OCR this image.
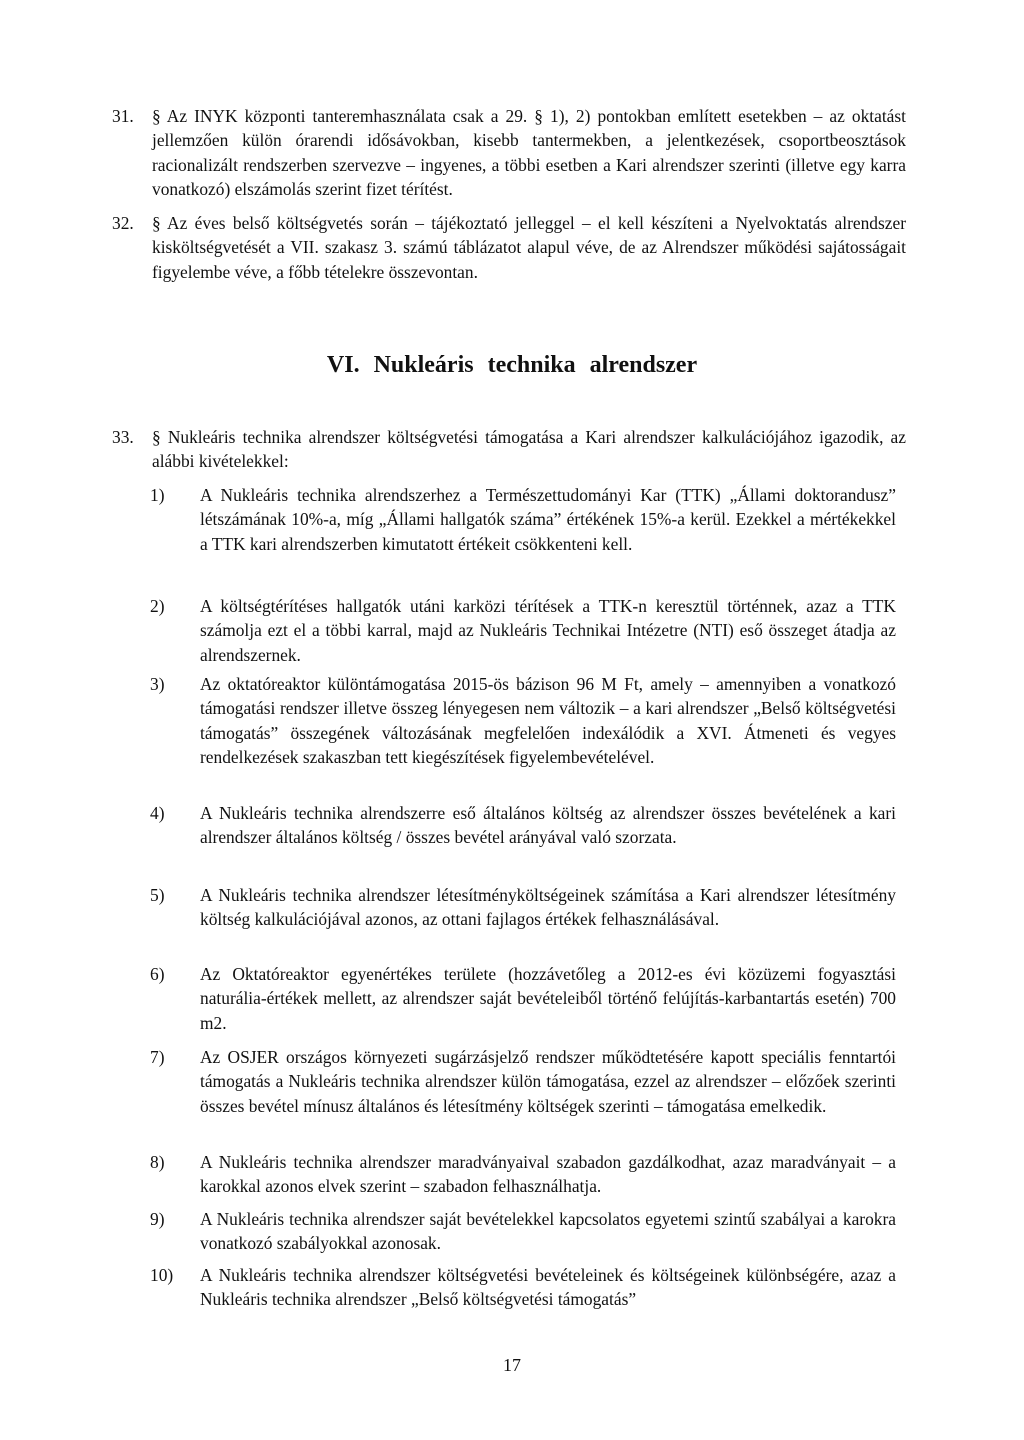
31. § Az INYK központi tanteremhasználata csak a 29. § 1), 2) pontokban említett esetekben – az oktatást jellemzően külön órarendi idősávokban, kisebb tantermekben, a jelentkezések, csoportbeosztások racionalizált rendszerben szervezve – ingyenes, a többi esetben a Kari alrendszer szerinti (illetve egy karra vonatkozó) elszámolás szerint fizet térítést.
32. § Az éves belső költségvetés során – tájékoztató jelleggel – el kell készíteni a Nyelvoktatás alrendszer kisköltségvetését a VII. szakasz 3. számú táblázatot alapul véve, de az Alrendszer működési sajátosságait figyelembe véve, a főbb tételekre összevontan.
VI. Nukleáris technika alrendszer
33. § Nukleáris technika alrendszer költségvetési támogatása a Kari alrendszer kalkulációjához igazodik, az alábbi kivételekkel:
1) A Nukleáris technika alrendszerhez a Természettudományi Kar (TTK) „Állami doktorandusz” létszámának 10%-a, míg „Állami hallgatók száma” értékének 15%-a kerül. Ezekkel a mértékekkel a TTK kari alrendszerben kimutatott értékeit csökkenteni kell.
2) A költségtérítéses hallgatók utáni karközi térítések a TTK-n keresztül történnek, azaz a TTK számolja ezt el a többi karral, majd az Nukleáris Technikai Intézetre (NTI) eső összeget átadja az alrendszernek.
3) Az oktatóreaktor különtámogatása 2015-ös bázison 96 M Ft, amely – amennyiben a vonatkozó támogatási rendszer illetve összeg lényegesen nem változik – a kari alrendszer „Belső költségvetési támogatás” összegének változásának megfelelően indexálódik a XVI. Átmeneti és vegyes rendelkezések szakaszban tett kiegészítések figyelembevételével.
4) A Nukleáris technika alrendszerre eső általános költség az alrendszer összes bevételének a kari alrendszer általános költség / összes bevétel arányával való szorzata.
5) A Nukleáris technika alrendszer létesítményköltségeinek számítása a Kari alrendszer létesítmény költség kalkulációjával azonos, az ottani fajlagos értékek felhasználásával.
6) Az Oktatóreaktor egyenértékes területe (hozzávetőleg a 2012-es évi közüzemi fogyasztási naturália-értékek mellett, az alrendszer saját bevételeiből történő felújítás-karbantartás esetén) 700 m2.
7) Az OSJER országos környezeti sugárzásjelző rendszer működtetésére kapott speciális fenntartói támogatás a Nukleáris technika alrendszer külön támogatása, ezzel az alrendszer – előzőek szerinti összes bevétel mínusz általános és létesítmény költségek szerinti – támogatása emelkedik.
8) A Nukleáris technika alrendszer maradványaival szabadon gazdálkodhat, azaz maradványait – a karokkal azonos elvek szerint – szabadon felhasználhatja.
9) A Nukleáris technika alrendszer saját bevételekkel kapcsolatos egyetemi szintű szabályai a karokra vonatkozó szabályokkal azonosak.
10) A Nukleáris technika alrendszer költségvetési bevételeinek és költségeinek különbségére, azaz a Nukleáris technika alrendszer „Belső költségvetési támogatás”
17
